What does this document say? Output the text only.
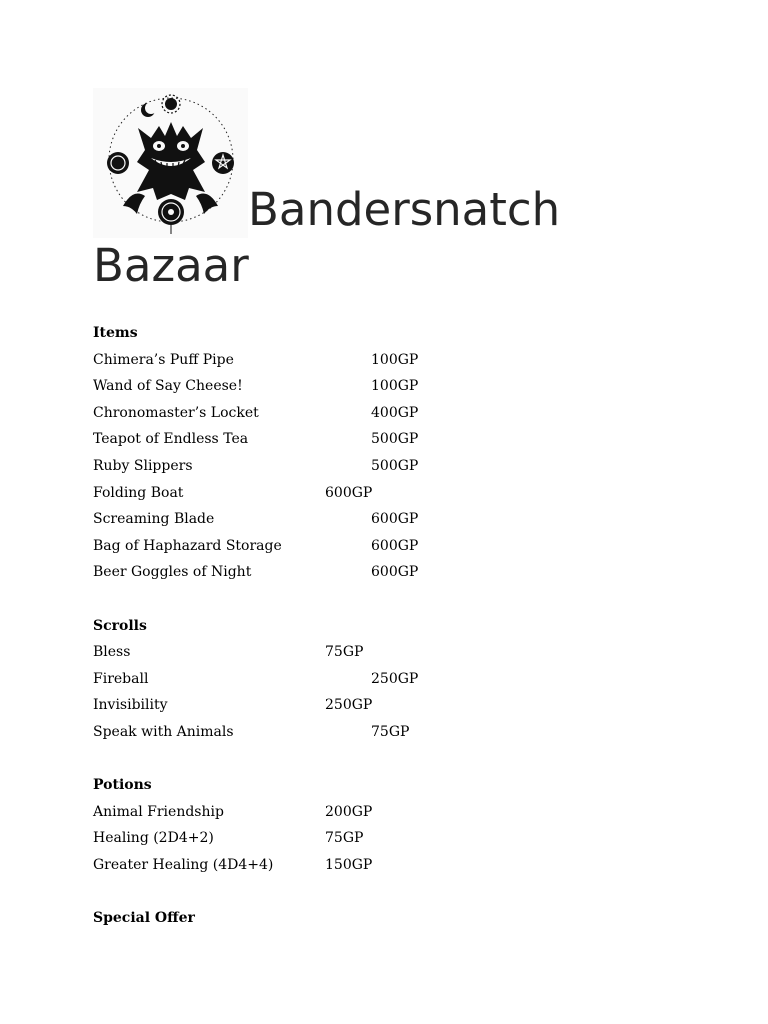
Bandersnatch
Bazaar
Items
Chimera’s Puff Pipe	100GP
Wand of Say Cheese!	100GP
Chronomaster’s Locket	400GP
Teapot of Endless Tea	500GP
Ruby Slippers	500GP
Folding Boat	600GP
Screaming Blade	600GP
Bag of Haphazard Storage	600GP
Beer Goggles of Night	600GP
Scrolls
Bless	75GP
Fireball	250GP
Invisibility	250GP
Speak with Animals	75GP
Potions
Animal Friendship	200GP
Healing (2D4+2)	75GP
Greater Healing (4D4+4)	150GP
Special Offer
